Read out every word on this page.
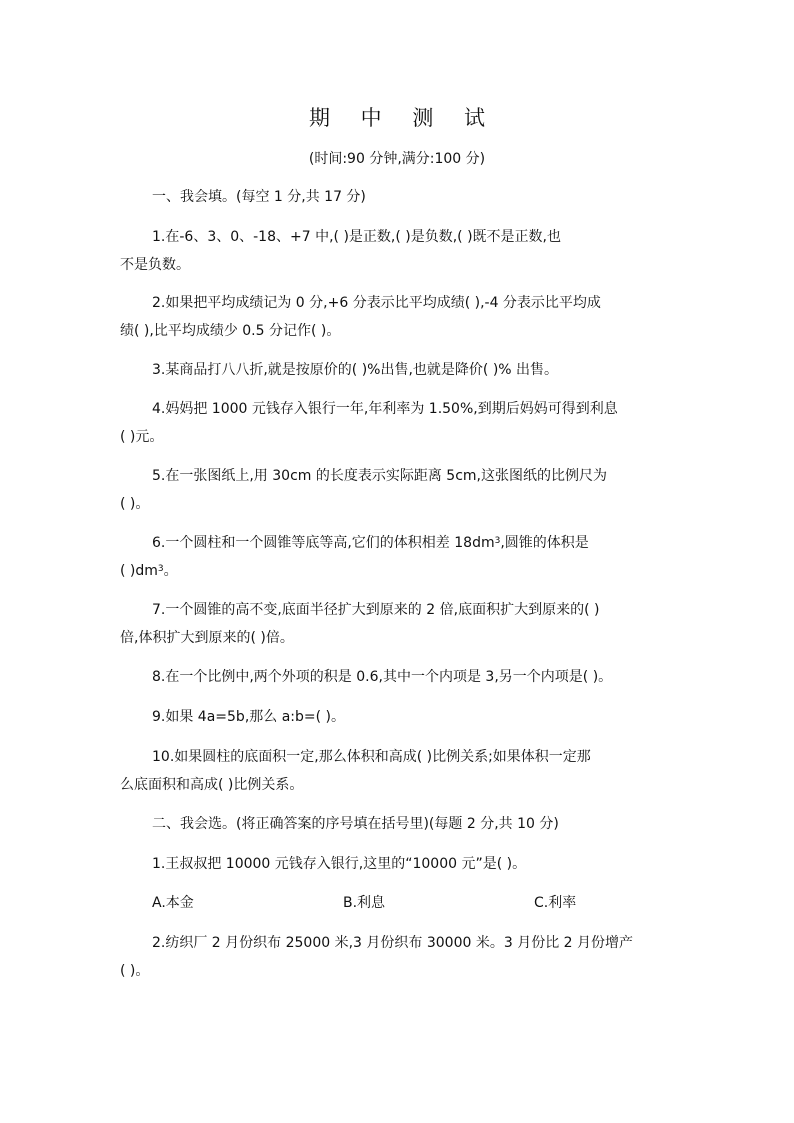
期 中 测 试
(时间:90 分钟,满分:100 分)
一、我会填。(每空 1 分,共 17 分)
1.在-6、3、0、-18、+7 中,( )是正数,( )是负数,( )既不是正数,也
不是负数。
2.如果把平均成绩记为 0 分,+6 分表示比平均成绩( ),-4 分表示比平均成
绩( ),比平均成绩少 0.5 分记作( )。
3.某商品打八八折,就是按原价的( )%出售,也就是降价( )% 出售。
4.妈妈把 1000 元钱存入银行一年,年利率为 1.50%,到期后妈妈可得到利息
( )元。
5.在一张图纸上,用 30cm 的长度表示实际距离 5cm,这张图纸的比例尺为
( )。
6.一个圆柱和一个圆锥等底等高,它们的体积相差 $18dm^3$,圆锥的体积是
( )$dm^3$。
7.一个圆锥的高不变,底面半径扩大到原来的 2 倍,底面积扩大到原来的( )
倍,体积扩大到原来的( )倍。
8.在一个比例中,两个外项的积是 0.6,其中一个内项是 3,另一个内项是( )。
9.如果 4a=5b,那么 a:b=( )。
10.如果圆柱的底面积一定,那么体积和高成( )比例关系;如果体积一定那
么底面积和高成( )比例关系。
二、我会选。(将正确答案的序号填在括号里)(每题 2 分,共 10 分)
1.王叔叔把 10000 元钱存入银行,这里的“10000 元”是( )。
A.本金	B.利息	C.利率
2.纺织厂 2 月份织布 25000 米,3 月份织布 30000 米。3 月份比 2 月份增产
( )。
